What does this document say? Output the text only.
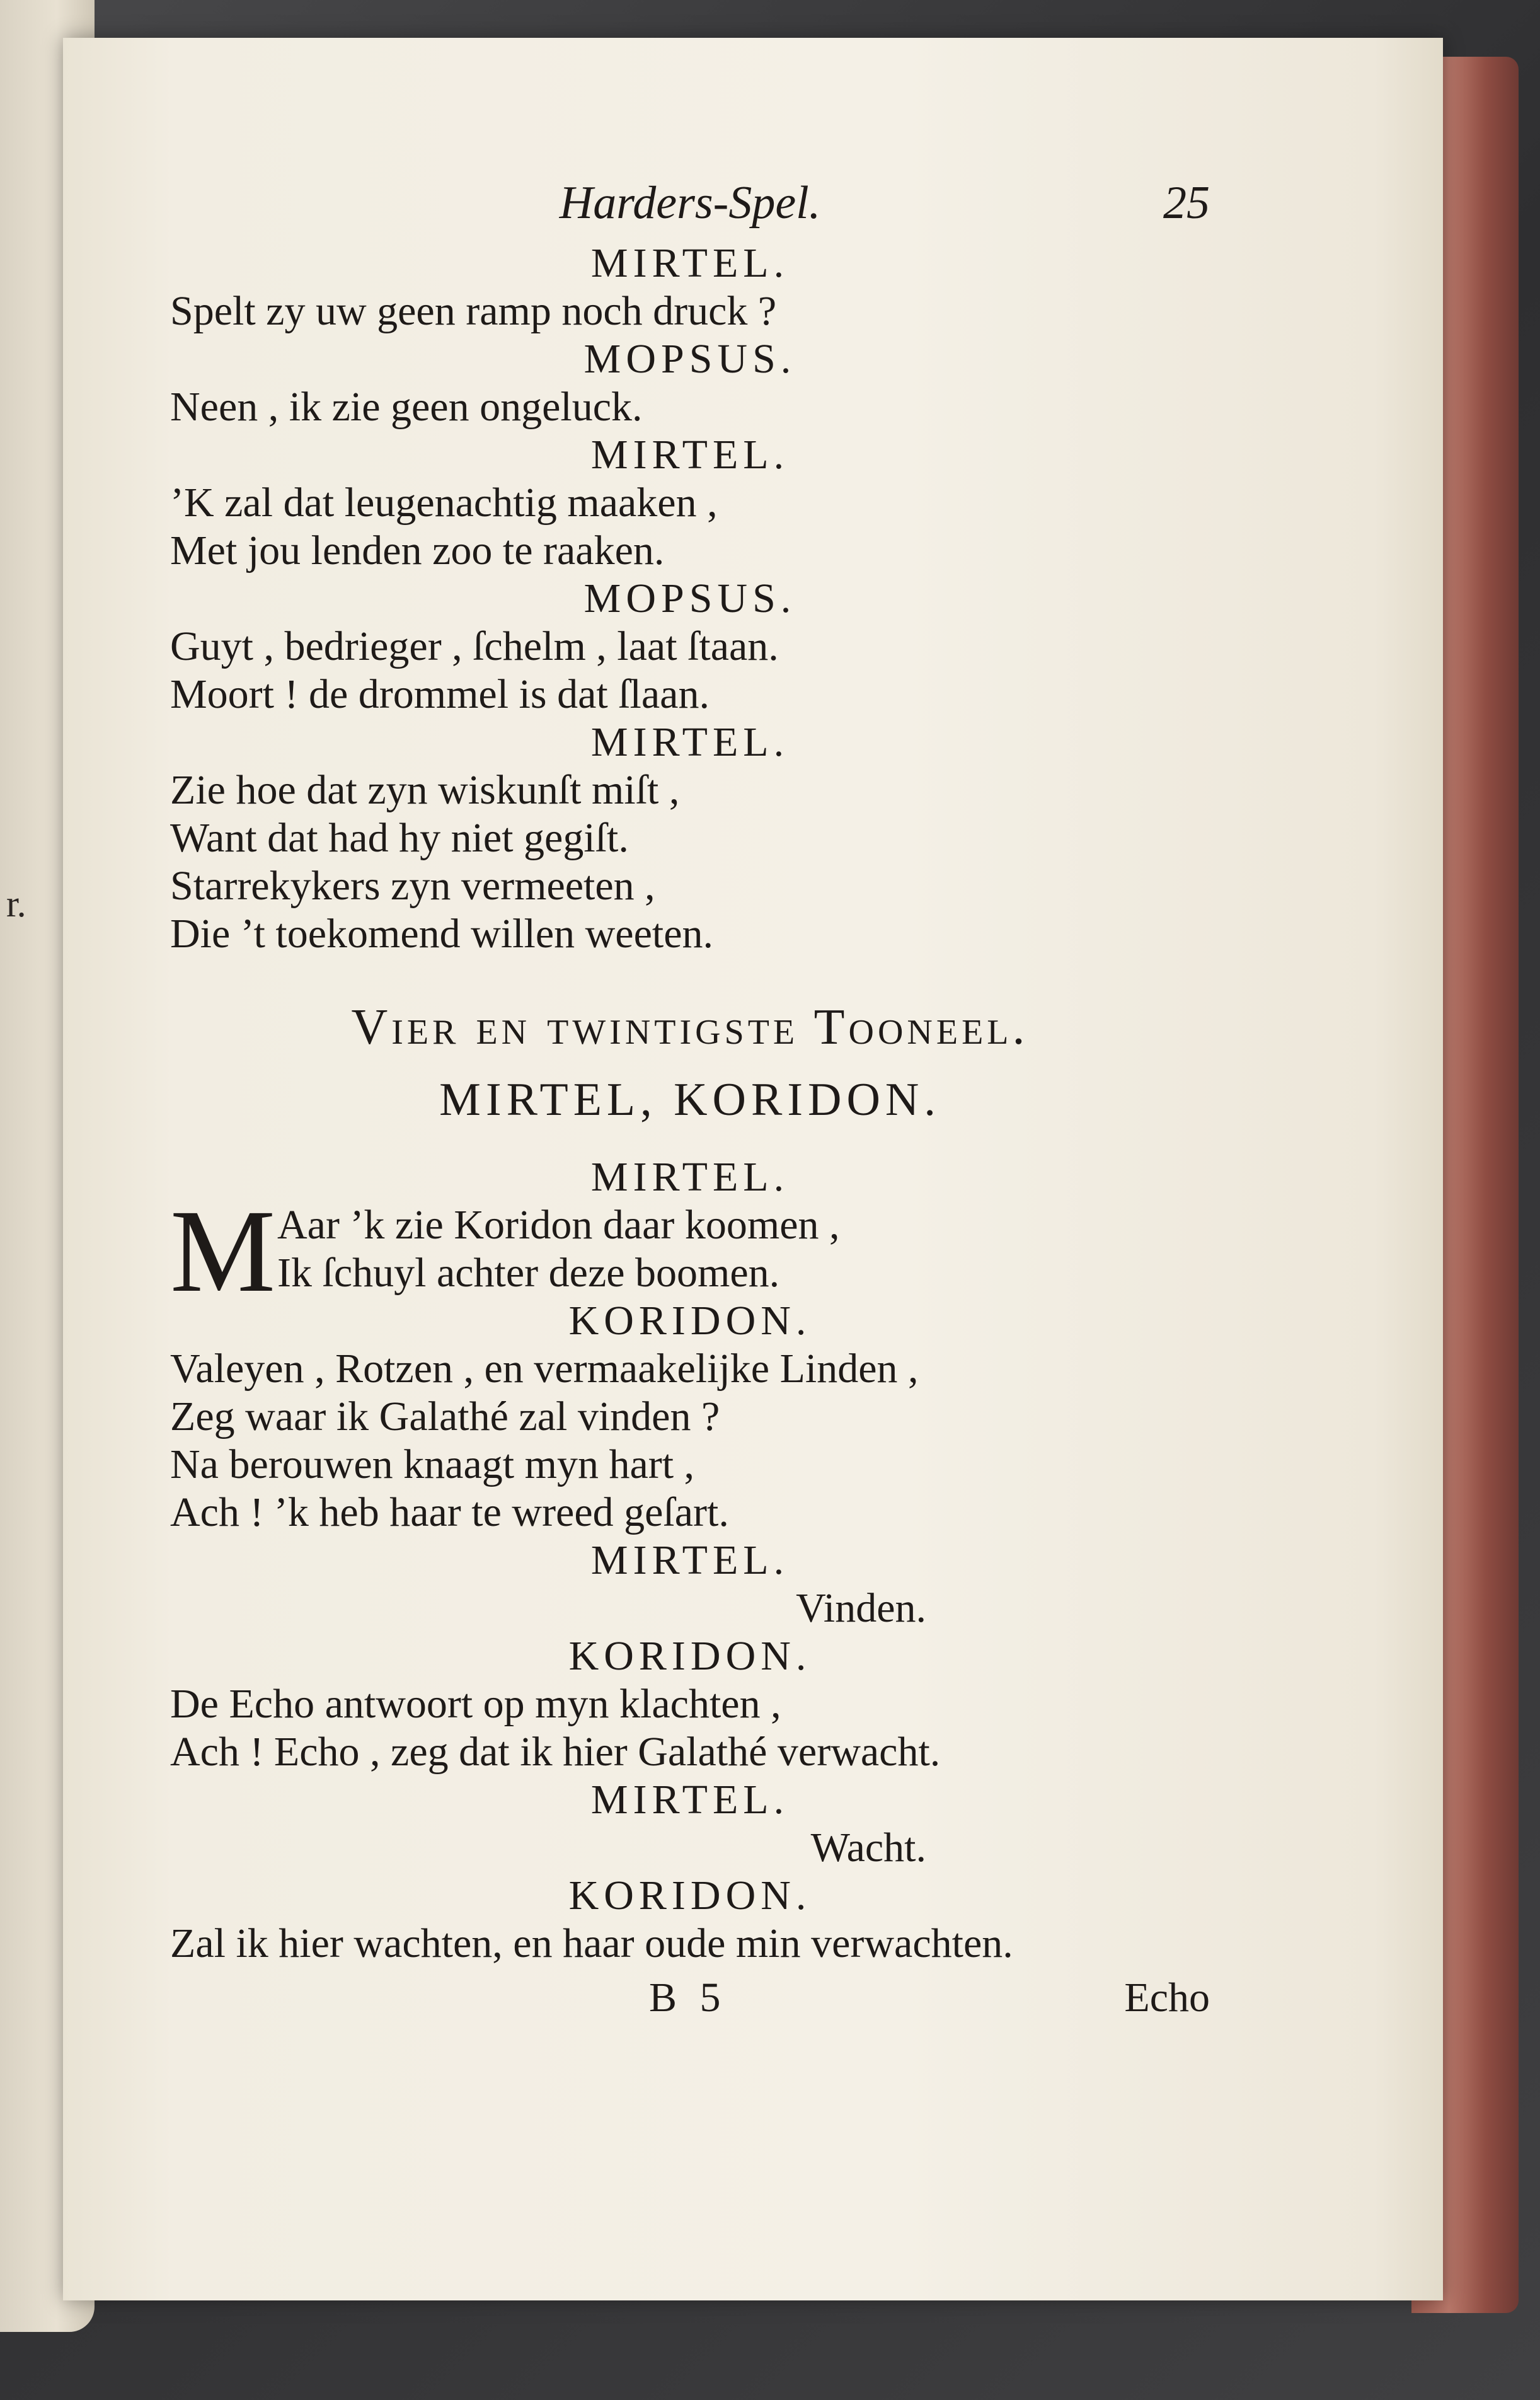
r.
Harders-Spel.	25

MIRTEL.

Spelt zy uw geen ramp noch druck ?

MOPSUS.

Neen , ik zie geen ongeluck.

MIRTEL.

’K zal dat leugenachtig maaken ,

Met jou lenden zoo te raaken.

MOPSUS.

Guyt , bedrieger , ſchelm , laat ſtaan.

Moort ! de drommel is dat ſlaan.

MIRTEL.

Zie hoe dat zyn wiskunſt miſt ,

Want dat had hy niet gegiſt.

Starrekykers zyn vermeeten ,

Die ’t toekomend willen weeten.

Vier en twintigste Tooneel.
MIRTEL, KORIDON.

MIRTEL.

M Aar ’k zie Koridon daar koomen ,

Ik ſchuyl achter deze boomen.

KORIDON.

Valeyen , Rotzen , en vermaakelijke Linden ,

Zeg waar ik Galathé zal vinden ?

Na berouwen knaagt myn hart ,

Ach ! ’k heb haar te wreed geſart.

MIRTEL.

Vinden.

KORIDON.

De Echo antwoort op myn klachten ,

Ach ! Echo , zeg dat ik hier Galathé verwacht.

MIRTEL.

Wacht.

KORIDON.

Zal ik hier wachten, en haar oude min verwachten.

B 5	Echo
